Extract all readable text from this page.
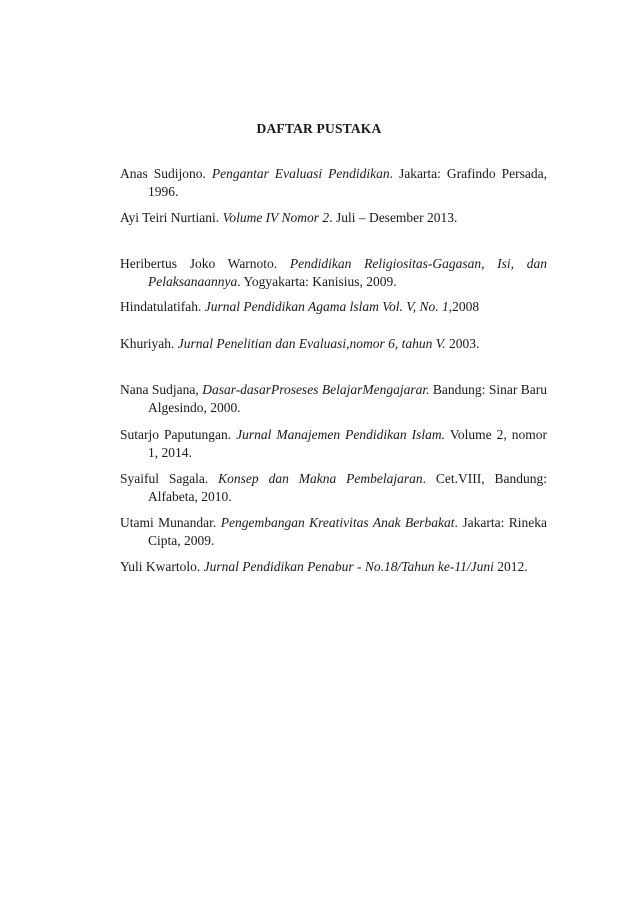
DAFTAR PUSTAKA

Anas Sudijono. Pengantar Evaluasi Pendidikan. Jakarta: Grafindo Persada, 1996.

Ayi Teiri Nurtiani. Volume IV Nomor 2. Juli – Desember 2013.

Heribertus Joko Warnoto. Pendidikan Religiositas-Gagasan, Isi, dan Pelaksanaannya. Yogyakarta: Kanisius, 2009.

Hindatulatifah. Jurnal Pendidikan Agama lslam Vol. V, No. 1,2008

Khuriyah. Jurnal Penelitian dan Evaluasi,nomor 6, tahun V. 2003.

Nana Sudjana, Dasar-dasarProseses BelajarMengajarar. Bandung: Sinar Baru Algesindo, 2000.

Sutarjo Paputungan. Jurnal Manajemen Pendidikan Islam. Volume 2, nomor 1, 2014.

Syaiful Sagala. Konsep dan Makna Pembelajaran. Cet.VIII, Bandung: Alfabeta, 2010.

Utami Munandar. Pengembangan Kreativitas Anak Berbakat. Jakarta: Rineka Cipta, 2009.

Yuli Kwartolo. Jurnal Pendidikan Penabur - No.18/Tahun ke-11/Juni 2012.
